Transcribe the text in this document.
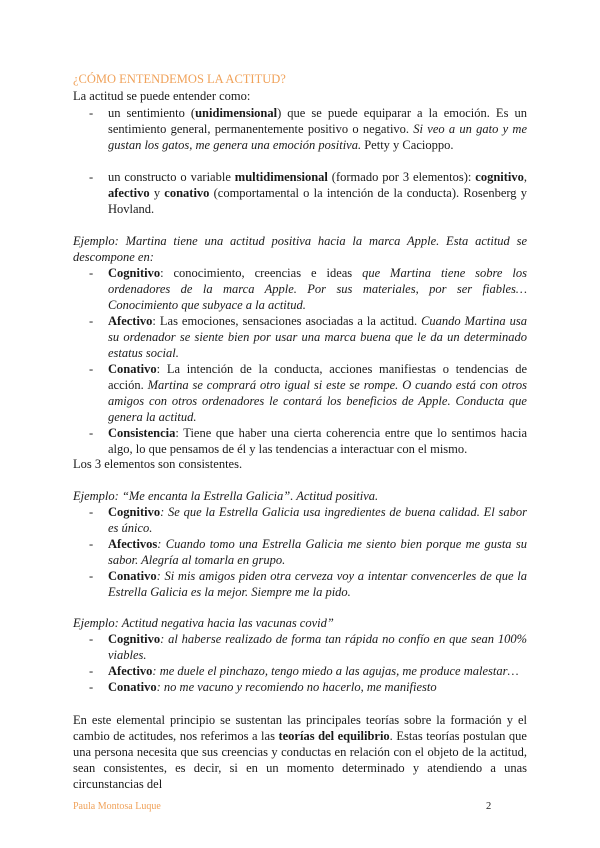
¿CÓMO ENTENDEMOS LA ACTITUD?
La actitud se puede entender como:
- un sentimiento (unidimensional) que se puede equiparar a la emoción. Es un sentimiento general, permanentemente positivo o negativo. Si veo a un gato y me gustan los gatos, me genera una emoción positiva. Petty y Cacioppo.
- un constructo o variable multidimensional (formado por 3 elementos): cognitivo, afectivo y conativo (comportamental o la intención de la conducta). Rosenberg y Hovland.
Ejemplo: Martina tiene una actitud positiva hacia la marca Apple. Esta actitud se descompone en:
- Cognitivo: conocimiento, creencias e ideas que Martina tiene sobre los ordenadores de la marca Apple. Por sus materiales, por ser fiables… Conocimiento que subyace a la actitud.
- Afectivo: Las emociones, sensaciones asociadas a la actitud. Cuando Martina usa su ordenador se siente bien por usar una marca buena que le da un determinado estatus social.
- Conativo: La intención de la conducta, acciones manifiestas o tendencias de acción. Martina se comprará otro igual si este se rompe. O cuando está con otros amigos con otros ordenadores le contará los beneficios de Apple. Conducta que genera la actitud.
- Consistencia: Tiene que haber una cierta coherencia entre que lo sentimos hacia algo, lo que pensamos de él y las tendencias a interactuar con el mismo.
Los 3 elementos son consistentes.
Ejemplo: “Me encanta la Estrella Galicia”. Actitud positiva.
- Cognitivo: Se que la Estrella Galicia usa ingredientes de buena calidad. El sabor es único.
- Afectivos: Cuando tomo una Estrella Galicia me siento bien porque me gusta su sabor. Alegría al tomarla en grupo.
- Conativo: Si mis amigos piden otra cerveza voy a intentar convencerles de que la Estrella Galicia es la mejor. Siempre me la pido.
Ejemplo: Actitud negativa hacia las vacunas covid”
- Cognitivo: al haberse realizado de forma tan rápida no confío en que sean 100% viables.
- Afectivo: me duele el pinchazo, tengo miedo a las agujas, me produce malestar…
- Conativo: no me vacuno y recomiendo no hacerlo, me manifiesto
En este elemental principio se sustentan las principales teorías sobre la formación y el cambio de actitudes, nos referimos a las teorías del equilibrio. Estas teorías postulan que una persona necesita que sus creencias y conductas en relación con el objeto de la actitud, sean consistentes, es decir, si en un momento determinado y atendiendo a unas circunstancias del
Paula Montosa Luque	2
